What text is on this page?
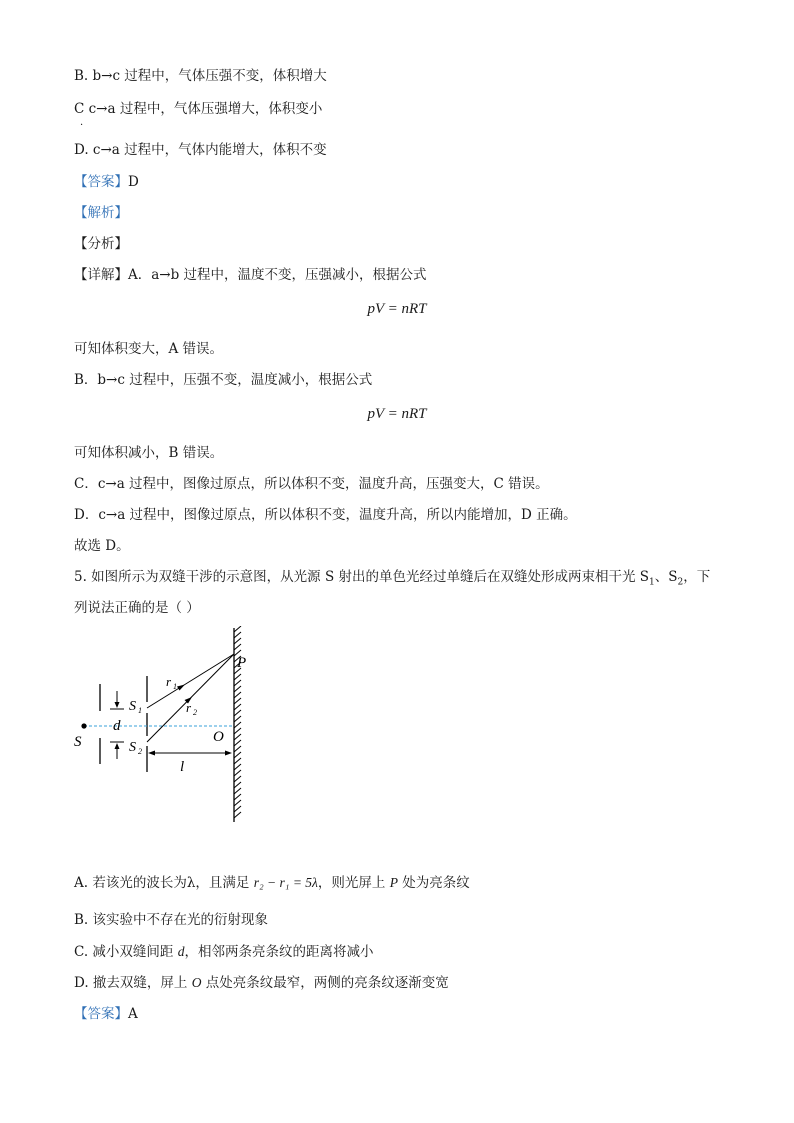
B. b→c 过程中，气体压强不变，体积增大
C c→a 过程中，气体压强增大，体积变小
·
D. c→a 过程中，气体内能增大，体积不变
【答案】D
【解析】
【分析】
【详解】A．a→b 过程中，温度不变，压强减小，根据公式
pV = nRT
可知体积变大，A 错误。
B．b→c 过程中，压强不变，温度减小，根据公式
pV = nRT
可知体积减小，B 错误。
C．c→a 过程中，图像过原点，所以体积不变，温度升高，压强变大，C 错误。
D．c→a 过程中，图像过原点，所以体积不变，温度升高，所以内能增加，D 正确。
故选 D。
5. 如图所示为双缝干涉的示意图，从光源 S 射出的单色光经过单缝后在双缝处形成两束相干光 $S_1$、$S_2$，下
列说法正确的是（ ）
P
r 1
r 2
S 1
d
S	S 2
O
l
A. 若该光的波长为λ，且满足 r₂ − r₁ = 5λ，则光屏上 P 处为亮条纹
B. 该实验中不存在光的衍射现象
C. 减小双缝间距 d，相邻两条亮条纹的距离将减小
D. 撤去双缝，屏上 O 点处亮条纹最窄，两侧的亮条纹逐渐变宽
【答案】A
